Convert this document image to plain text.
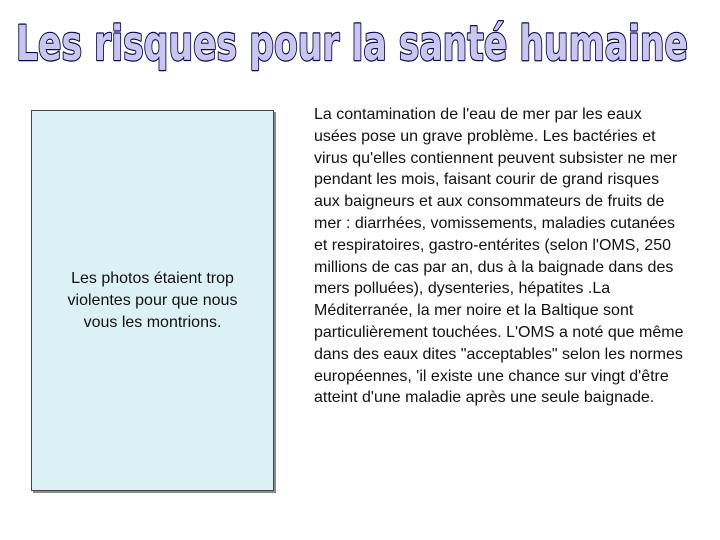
Les risques pour la santé humaine
Les photos étaient trop violentes pour que nous vous les montrions.

La contamination de l'eau de mer par les eaux usées pose un grave problème. Les bactéries et virus qu'elles contiennent peuvent subsister ne mer pendant les mois, faisant courir de grand risques aux baigneurs et aux consommateurs de fruits de mer : diarrhées, vomissements, maladies cutanées et respiratoires, gastro-entérites (selon l'OMS, 250 millions de cas par an, dus à la baignade dans des mers polluées), dysenteries, hépatites .La Méditerranée, la mer noire et la Baltique sont particulièrement touchées. L'OMS a noté que même dans des eaux dites "acceptables" selon les normes européennes, 'il existe une chance sur vingt d'être atteint d'une maladie après une seule baignade.
